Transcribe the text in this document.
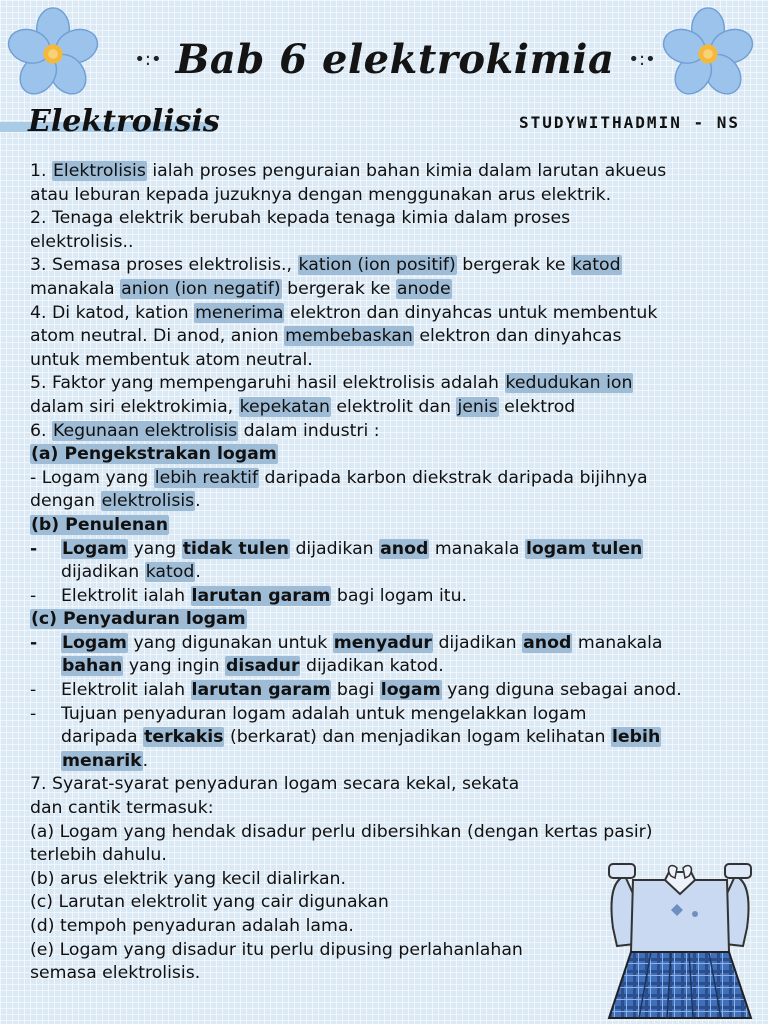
•:• Bab 6 elektrokimia •:•
Elektrolisis	STUDYWITHADMIN - NS
1. Elektrolisis ialah proses penguraian bahan kimia dalam larutan akueus
atau leburan kepada juzuknya dengan menggunakan arus elektrik.
2. Tenaga elektrik berubah kepada tenaga kimia dalam proses
elektrolisis..
3. Semasa proses elektrolisis., kation (ion positif) bergerak ke katod
manakala anion (ion negatif) bergerak ke anode
4. Di katod, kation menerima elektron dan dinyahcas untuk membentuk
atom neutral. Di anod, anion membebaskan elektron dan dinyahcas
untuk membentuk atom neutral.
5. Faktor yang mempengaruhi hasil elektrolisis adalah kedudukan ion
dalam siri elektrokimia, kepekatan elektrolit dan jenis elektrod
6. Kegunaan elektrolisis dalam industri :
(a) Pengekstrakan logam
- Logam yang lebih reaktif daripada karbon diekstrak daripada bijihnya
dengan elektrolisis.
(b) Penulenan
- Logam yang tidak tulen dijadikan anod manakala logam tulen
dijadikan katod.
- Elektrolit ialah larutan garam bagi logam itu.
(c) Penyaduran logam
- Logam yang digunakan untuk menyadur dijadikan anod manakala
bahan yang ingin disadur dijadikan katod.
- Elektrolit ialah larutan garam bagi logam yang diguna sebagai anod.
- Tujuan penyaduran logam adalah untuk mengelakkan logam
daripada terkakis (berkarat) dan menjadikan logam kelihatan lebih
menarik.
7. Syarat-syarat penyaduran logam secara kekal, sekata
dan cantik termasuk:
(a) Logam yang hendak disadur perlu dibersihkan (dengan kertas pasir)
terlebih dahulu.
(b) arus elektrik yang kecil dialirkan.
(c) Larutan elektrolit yang cair digunakan
(d) tempoh penyaduran adalah lama.
(e) Logam yang disadur itu perlu dipusing perlahanlahan
semasa elektrolisis.
